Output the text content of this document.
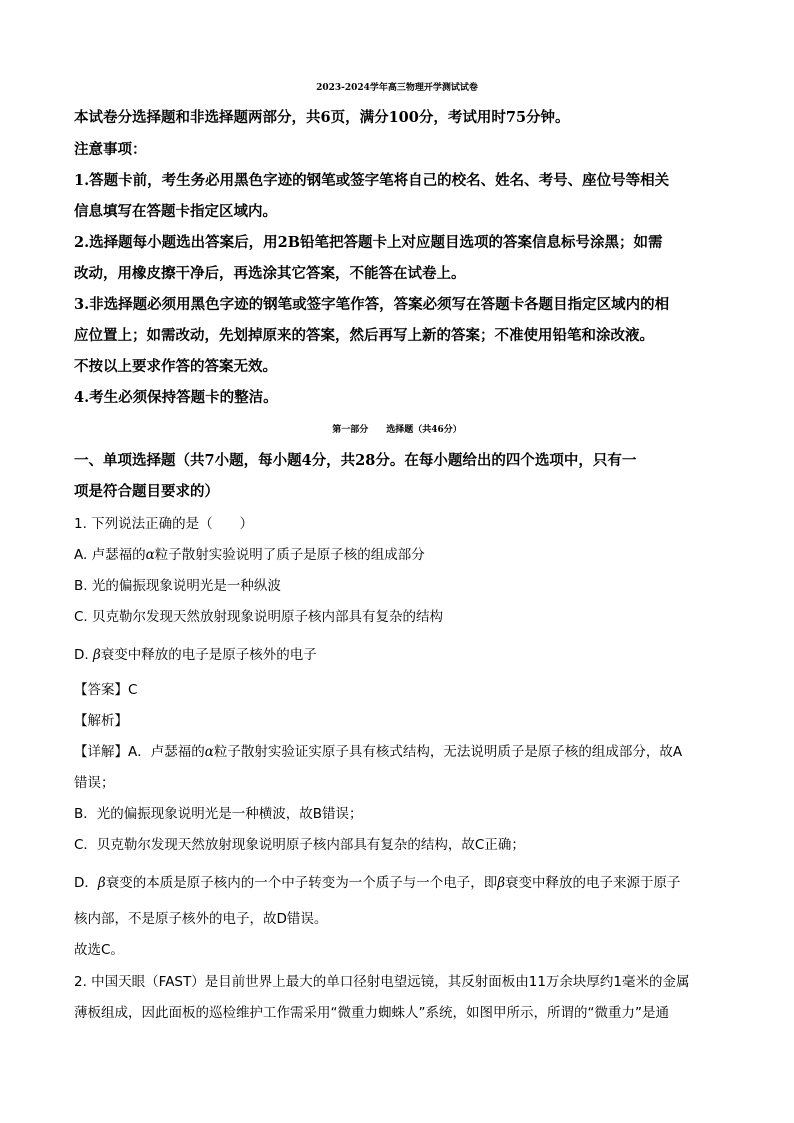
2023-2024学年高三物理开学测试试卷
本试卷分选择题和非选择题两部分，共6页，满分100分，考试用时75分钟。
注意事项：
1.答题卡前，考生务必用黑色字迹的钢笔或签字笔将自己的校名、姓名、考号、座位号等相关
信息填写在答题卡指定区域内。
2.选择题每小题选出答案后，用2B铅笔把答题卡上对应题目选项的答案信息标号涂黑；如需
改动，用橡皮擦干净后，再选涂其它答案，不能答在试卷上。
3.非选择题必须用黑色字迹的钢笔或签字笔作答，答案必须写在答题卡各题目指定区域内的相
应位置上；如需改动，先划掉原来的答案，然后再写上新的答案；不准使用铅笔和涂改液。
不按以上要求作答的答案无效。
4.考生必须保持答题卡的整洁。
第一部分　　选择题（共46分）
一、单项选择题（共7小题，每小题4分，共28分。在每小题给出的四个选项中，只有一
项是符合题目要求的）
1. 下列说法正确的是（　　）
A. 卢瑟福的α粒子散射实验说明了质子是原子核的组成部分
B. 光的偏振现象说明光是一种纵波
C. 贝克勒尔发现天然放射现象说明原子核内部具有复杂的结构
D. β衰变中释放的电子是原子核外的电子
【答案】C
【解析】
【详解】A．卢瑟福的α粒子散射实验证实原子具有核式结构，无法说明质子是原子核的组成部分，故A
错误；
B．光的偏振现象说明光是一种横波，故B错误；
C．贝克勒尔发现天然放射现象说明原子核内部具有复杂的结构，故C正确；
D．β衰变的本质是原子核内的一个中子转变为一个质子与一个电子，即β衰变中释放的电子来源于原子
核内部，不是原子核外的电子，故D错误。
故选C。
2. 中国天眼（FAST）是目前世界上最大的单口径射电望远镜，其反射面板由11万余块厚约1毫米的金属
薄板组成，因此面板的巡检维护工作需采用“微重力蜘蛛人”系统，如图甲所示，所谓的“微重力”是通
